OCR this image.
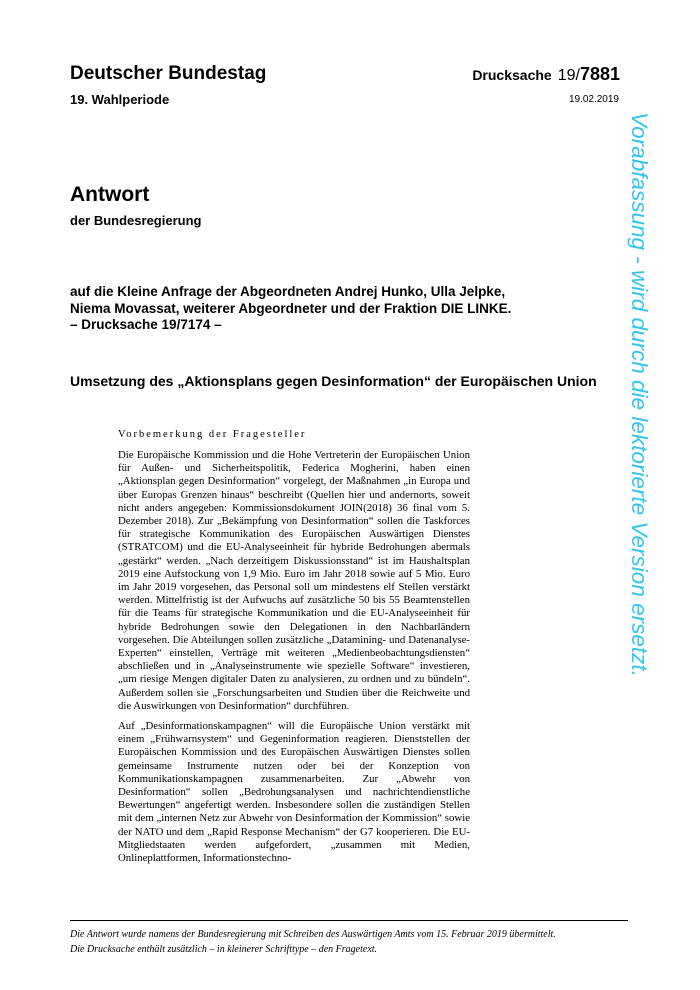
Deutscher Bundestag
19. Wahlperiode
Drucksache 19/7881
19.02.2019
Antwort
der Bundesregierung
auf die Kleine Anfrage der Abgeordneten Andrej Hunko, Ulla Jelpke,
Niema Movassat, weiterer Abgeordneter und der Fraktion DIE LINKE.
– Drucksache 19/7174 –
Umsetzung des „Aktionsplans gegen Desinformation“ der Europäischen Union
Vorbemerkung der Fragesteller

Die Europäische Kommission und die Hohe Vertreterin der Europäischen Union für Außen- und Sicherheitspolitik, Federica Mogherini, haben einen „Aktionsplan gegen Desinformation“ vorgelegt, der Maßnahmen „in Europa und über Europas Grenzen hinaus“ beschreibt (Quellen hier und andernorts, soweit nicht anders angegeben: Kommissionsdokument JOIN(2018) 36 final vom 5. Dezember 2018). Zur „Bekämpfung von Desinformation“ sollen die Taskforces für strategische Kommunikation des Europäischen Auswärtigen Dienstes (STRATCOM) und die EU-Analyseeinheit für hybride Bedrohungen abermals „gestärkt“ werden. „Nach derzeitigem Diskussionsstand“ ist im Haushaltsplan 2019 eine Aufstockung von 1,9 Mio. Euro im Jahr 2018 sowie auf 5 Mio. Euro im Jahr 2019 vorgesehen, das Personal soll um mindestens elf Stellen verstärkt werden. Mittelfristig ist der Aufwuchs auf zusätzliche 50 bis 55 Beamtenstellen für die Teams für strategische Kommunikation und die EU-Analyseeinheit für hybride Bedrohungen sowie den Delegationen in den Nachbarländern vorgesehen. Die Abteilungen sollen zusätzliche „Datamining- und Datenanalyse-Experten“ einstellen, Verträge mit weiteren „Medienbeobachtungsdiensten“ abschließen und in „Analyseinstrumente wie spezielle Software“ investieren, „um riesige Mengen digitaler Daten zu analysieren, zu ordnen und zu bündeln“. Außerdem sollen sie „Forschungsarbeiten und Studien über die Reichweite und die Auswirkungen von Desinformation“ durchführen.

Auf „Desinformationskampagnen“ will die Europäische Union verstärkt mit einem „Frühwarnsystem“ und Gegeninformation reagieren. Dienststellen der Europäischen Kommission und des Europäischen Auswärtigen Dienstes sollen gemeinsame Instrumente nutzen oder bei der Konzeption von Kommunikationskampagnen zusammenarbeiten. Zur „Abwehr von Desinformation“ sollen „Bedrohungsanalysen und nachrichtendienstliche Bewertungen“ angefertigt werden. Insbesondere sollen die zuständigen Stellen mit dem „internen Netz zur Abwehr von Desinformation der Kommission“ sowie der NATO und dem „Rapid Response Mechanism“ der G7 kooperieren. Die EU-Mitgliedstaaten werden aufgefordert, „zusammen mit Medien, Onlineplattformen, Informationstechno-

Vorabfassung - wird durch die lektorierte Version ersetzt.
Die Antwort wurde namens der Bundesregierung mit Schreiben des Auswärtigen Amts vom 15. Februar 2019 übermittelt.
Die Drucksache enthält zusätzlich – in kleinerer Schrifttype – den Fragetext.
